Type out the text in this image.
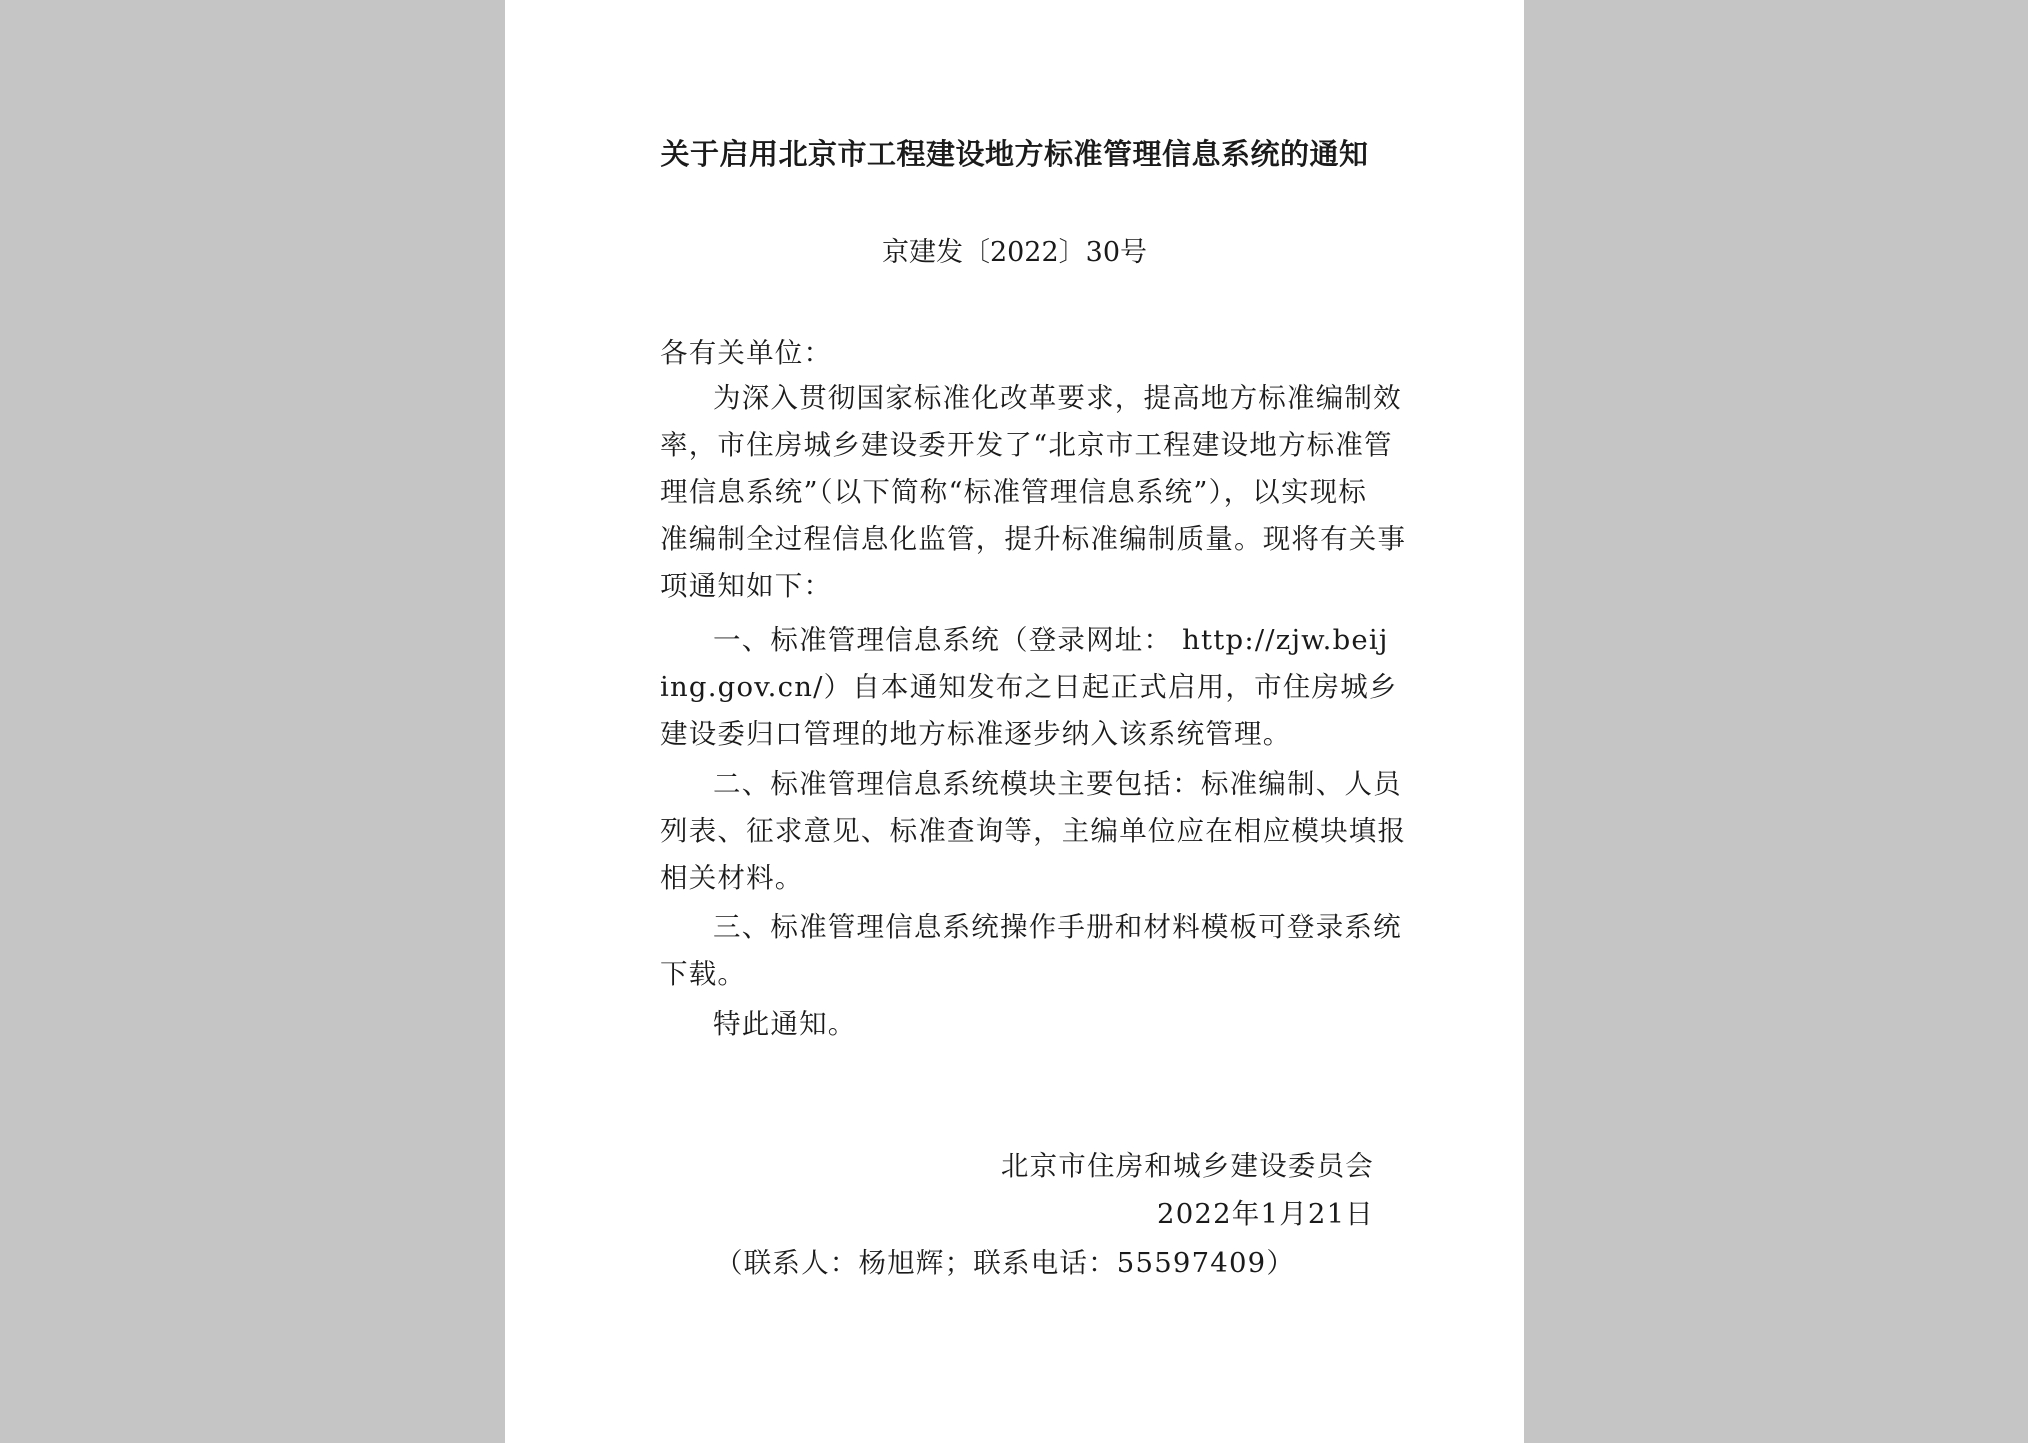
关于启用北京市工程建设地方标准管理信息系统的通知

京建发〔2022〕30号

各有关单位：

为深入贯彻国家标准化改革要求，提高地方标准编制效

率，市住房城乡建设委开发了“北京市工程建设地方标准管

理信息系统”（以下简称“标准管理信息系统”），以实现标

准编制全过程信息化监管，提升标准编制质量。现将有关事

项通知如下：

一、标准管理信息系统（登录网址： http://zjw.beij

ing.gov.cn/）自本通知发布之日起正式启用，市住房城乡

建设委归口管理的地方标准逐步纳入该系统管理。

二、标准管理信息系统模块主要包括：标准编制、人员

列表、征求意见、标准查询等，主编单位应在相应模块填报

相关材料。

三、标准管理信息系统操作手册和材料模板可登录系统

下载。

特此通知。

北京市住房和城乡建设委员会

2022年1月21日

（联系人：杨旭辉；联系电话：55597409）
